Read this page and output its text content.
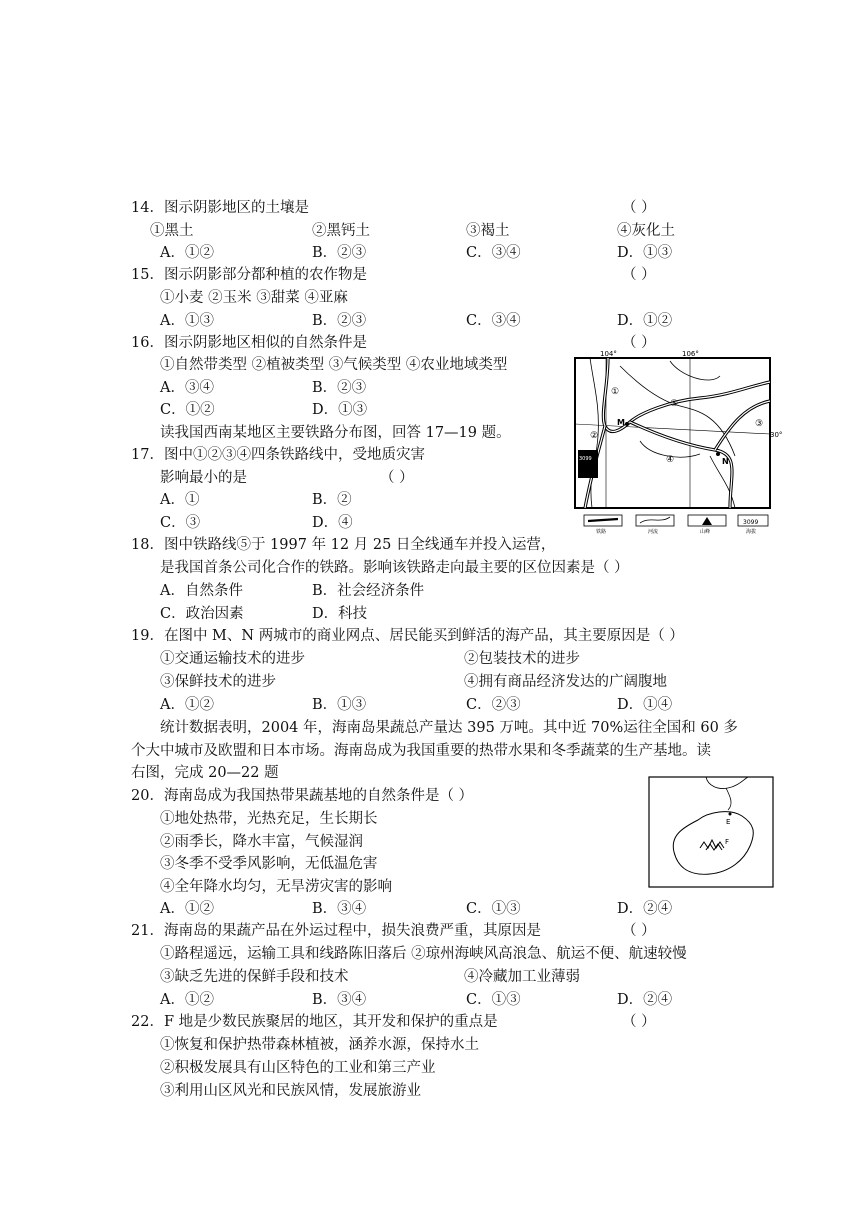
14．图示阴影地区的土壤是	（ ）
①黑土	②黑钙土	③褐土	④灰化土
A．①②	B．②③	C．③④	D．①③
15．图示阴影部分都种植的农作物是	（ ）
①小麦 ②玉米 ③甜菜 ④亚麻
A．①③	B．②③	C．③④	D．①②
16．图示阴影地区相似的自然条件是	（ ）
①自然带类型 ②植被类型 ③气候类型 ④农业地域类型
A．③④	B．②③
C．①②	D．①③
读我国西南某地区主要铁路分布图，回答 17—19 题。
17．图中①②③④四条铁路线中，受地质灾害
影响最小的是	（ ）
A．①	B．②
C．③	D．④
18．图中铁路线⑤于 1997 年 12 月 25 日全线通车并投入运营，
是我国首条公司化合作的铁路。影响该铁路走向最主要的区位因素是（ ）
A．自然条件	B．社会经济条件
C．政治因素	D．科技
19．在图中 M、N 两城市的商业网点、居民能买到鲜活的海产品，其主要原因是（ ）
①交通运输技术的进步	②包装技术的进步
③保鲜技术的进步	④拥有商品经济发达的广阔腹地
A．①②	B．①③	C．②③	D．①④
统计数据表明，2004 年，海南岛果蔬总产量达 395 万吨。其中近 70%运往全国和 60 多
个大中城市及欧盟和日本市场。海南岛成为我国重要的热带水果和冬季蔬菜的生产基地。读
右图，完成 20—22 题
20．海南岛成为我国热带果蔬基地的自然条件是（ ）
①地处热带，光热充足，生长期长
②雨季长，降水丰富，气候湿润
③冬季不受季风影响，无低温危害
④全年降水均匀，无旱涝灾害的影响
A．①②	B．③④	C．①③	D．②④
21．海南岛的果蔬产品在外运过程中，损失浪费严重，其原因是	（ ）
①路程遥远，运输工具和线路陈旧落后 ②琼州海峡风高浪急、航运不便、航速较慢
③缺乏先进的保鲜手段和技术	④冷藏加工业薄弱
A．①②	B．③④	C．①③	D．②④
22．F 地是少数民族聚居的地区，其开发和保护的重点是	（ ）
①恢复和保护热带森林植被，涵养水源，保持水土
②积极发展具有山区特色的工业和第三产业
③利用山区风光和民族风情，发展旅游业
104°	106°
30°
3099
M
N
①
②
③
④
⑤
3099
铁路	河流	山峰	海拔
E
F
